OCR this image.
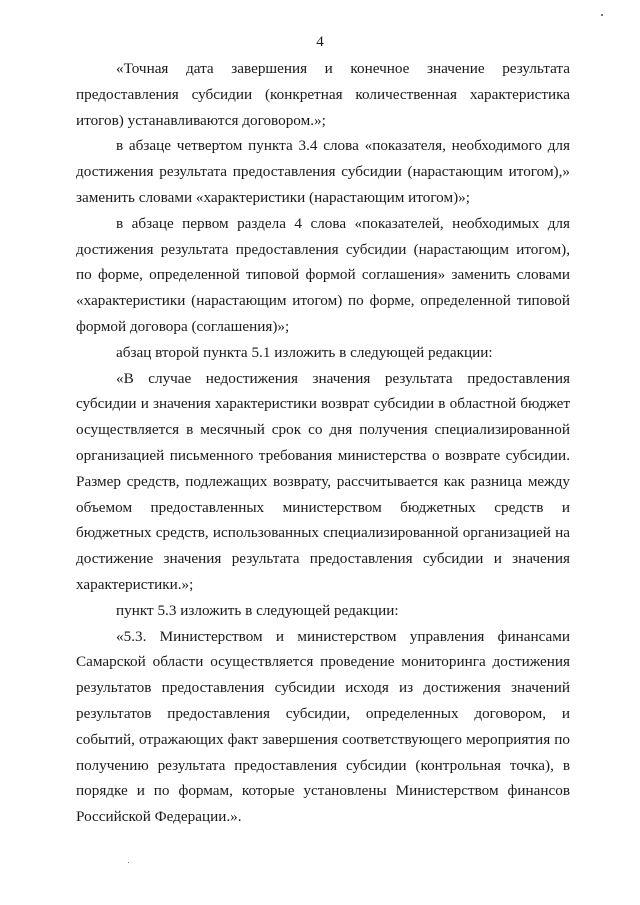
4

«Точная дата завершения и конечное значение результата предоставления субсидии (конкретная количественная характеристика итогов) устанавливаются договором.»;

в абзаце четвертом пункта 3.4 слова «показателя, необходимого для достижения результата предоставления субсидии (нарастающим итогом),» заменить словами «характеристики (нарастающим итогом)»;

в абзаце первом раздела 4 слова «показателей, необходимых для достижения результата предоставления субсидии (нарастающим итогом), по форме, определенной типовой формой соглашения» заменить словами «характеристики (нарастающим итогом) по форме, определенной типовой формой договора (соглашения)»;

абзац второй пункта 5.1 изложить в следующей редакции:

«В случае недостижения значения результата предоставления субсидии и значения характеристики возврат субсидии в областной бюджет осуществляется в месячный срок со дня получения специализированной организацией письменного требования министерства о возврате субсидии. Размер средств, подлежащих возврату, рассчитывается как разница между объемом предоставленных министерством бюджетных средств и бюджетных средств, использованных специализированной организацией на достижение значения результата предоставления субсидии и значения характеристики.»;

пункт 5.3 изложить в следующей редакции:

«5.3. Министерством и министерством управления финансами Самарской области осуществляется проведение мониторинга достижения результатов предоставления субсидии исходя из достижения значений результатов предоставления субсидии, определенных договором, и событий, отражающих факт завершения соответствующего мероприятия по получению результата предоставления субсидии (контрольная точка), в порядке и по формам, которые установлены Министерством финансов Российской Федерации.».
